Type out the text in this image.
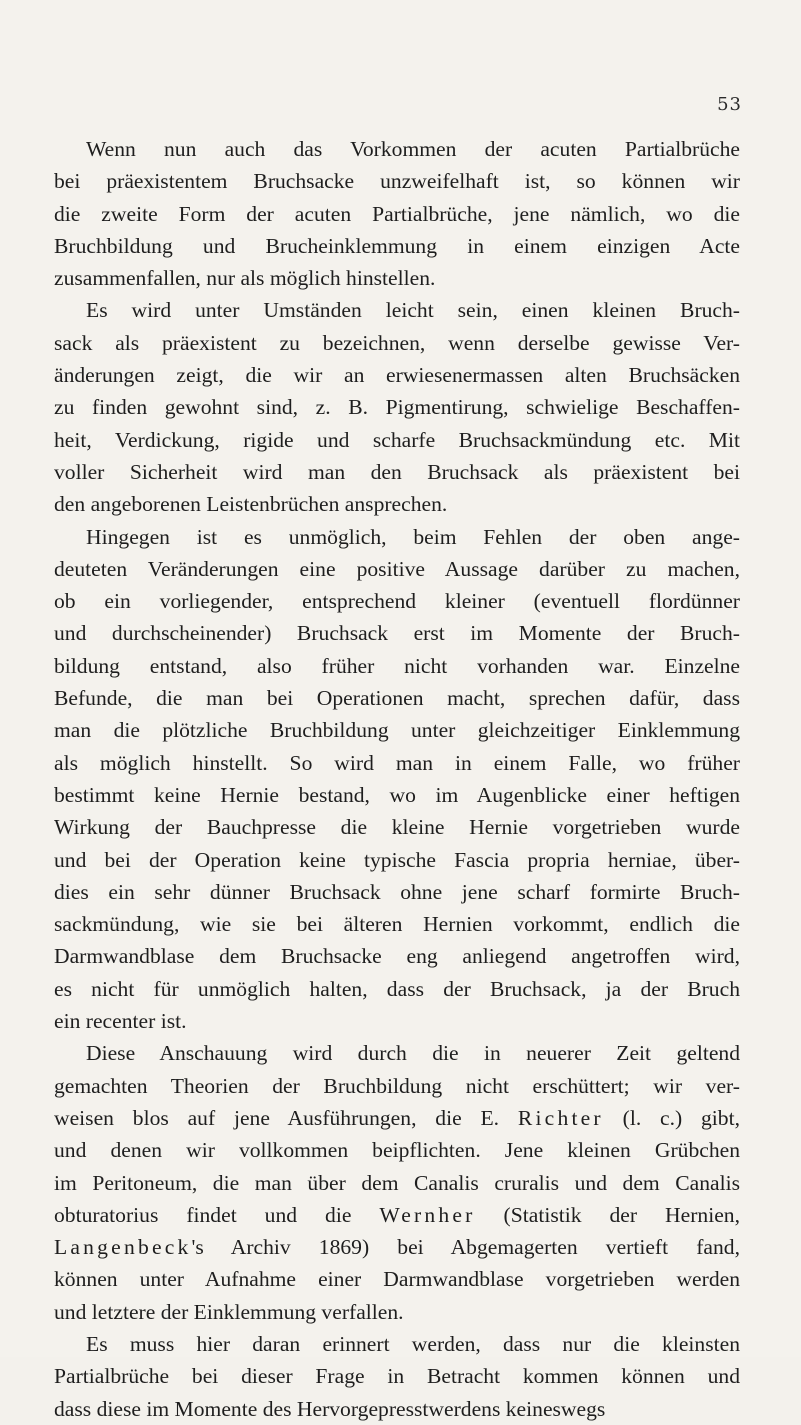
53
Wenn nun auch das Vorkommen der acuten Partialbrüche
bei präexistentem Bruchsacke unzweifelhaft ist, so können wir
die zweite Form der acuten Partialbrüche, jene nämlich, wo die
Bruchbildung und Brucheinklemmung in einem einzigen Acte
zusammenfallen, nur als möglich hinstellen.
Es wird unter Umständen leicht sein, einen kleinen Bruch-
sack als präexistent zu bezeichnen, wenn derselbe gewisse Ver-
änderungen zeigt, die wir an erwiesenermassen alten Bruchsäcken
zu finden gewohnt sind, z. B. Pigmentirung, schwielige Beschaffen-
heit, Verdickung, rigide und scharfe Bruchsackmündung etc. Mit
voller Sicherheit wird man den Bruchsack als präexistent bei
den angeborenen Leistenbrüchen ansprechen.
Hingegen ist es unmöglich, beim Fehlen der oben ange-
deuteten Veränderungen eine positive Aussage darüber zu machen,
ob ein vorliegender, entsprechend kleiner (eventuell flordünner
und durchscheinender) Bruchsack erst im Momente der Bruch-
bildung entstand, also früher nicht vorhanden war. Einzelne
Befunde, die man bei Operationen macht, sprechen dafür, dass
man die plötzliche Bruchbildung unter gleichzeitiger Einklemmung
als möglich hinstellt. So wird man in einem Falle, wo früher
bestimmt keine Hernie bestand, wo im Augenblicke einer heftigen
Wirkung der Bauchpresse die kleine Hernie vorgetrieben wurde
und bei der Operation keine typische Fascia propria herniae, über-
dies ein sehr dünner Bruchsack ohne jene scharf formirte Bruch-
sackmündung, wie sie bei älteren Hernien vorkommt, endlich die
Darmwandblase dem Bruchsacke eng anliegend angetroffen wird,
es nicht für unmöglich halten, dass der Bruchsack, ja der Bruch
ein recenter ist.
Diese Anschauung wird durch die in neuerer Zeit geltend
gemachten Theorien der Bruchbildung nicht erschüttert; wir ver-
weisen blos auf jene Ausführungen, die E. Richter (l. c.) gibt,
und denen wir vollkommen beipflichten. Jene kleinen Grübchen
im Peritoneum, die man über dem Canalis cruralis und dem Canalis
obturatorius findet und die Wernher (Statistik der Hernien,
Langenbeck's Archiv 1869) bei Abgemagerten vertieft fand,
können unter Aufnahme einer Darmwandblase vorgetrieben werden
und letztere der Einklemmung verfallen.
Es muss hier daran erinnert werden, dass nur die kleinsten
Partialbrüche bei dieser Frage in Betracht kommen können und
dass diese im Momente des Hervorgepresstwerdens keineswegs
